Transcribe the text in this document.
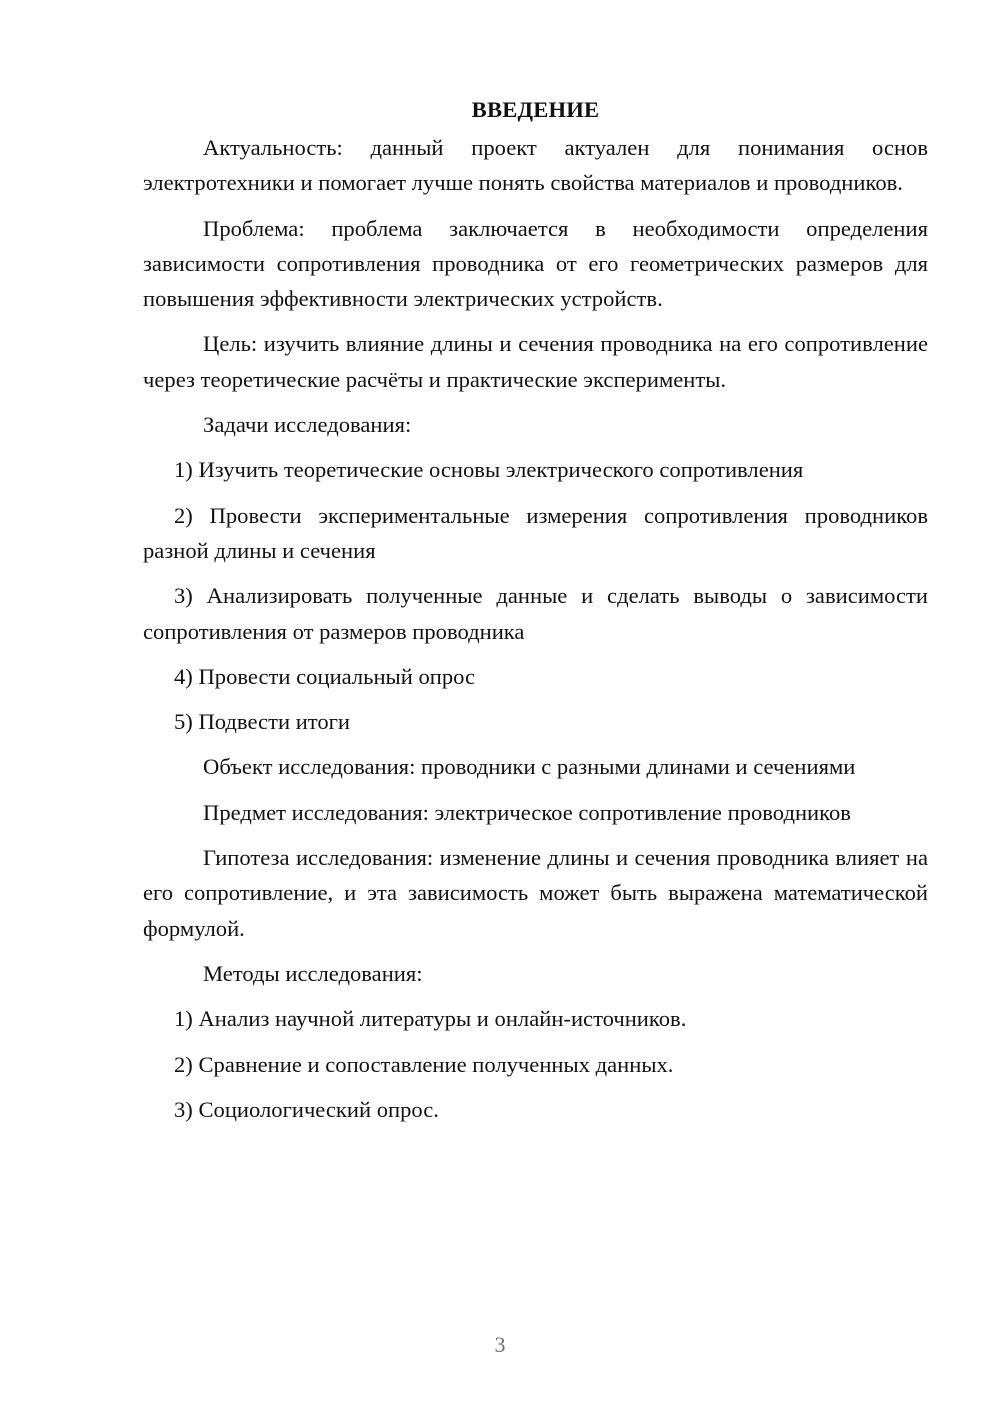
ВВЕДЕНИЕ

Актуальность: данный проект актуален для понимания основ электротехники и помогает лучше понять свойства материалов и проводников.

Проблема: проблема заключается в необходимости определения зависимости сопротивления проводника от его геометрических размеров для повышения эффективности электрических устройств.

Цель: изучить влияние длины и сечения проводника на его сопротивление через теоретические расчёты и практические эксперименты.

Задачи исследования:

1) Изучить теоретические основы электрического сопротивления

2) Провести экспериментальные измерения сопротивления проводников разной длины и сечения

3) Анализировать полученные данные и сделать выводы о зависимости сопротивления от размеров проводника

4) Провести социальный опрос

5) Подвести итоги

Объект исследования: проводники с разными длинами и сечениями

Предмет исследования: электрическое сопротивление проводников

Гипотеза исследования: изменение длины и сечения проводника влияет на его сопротивление, и эта зависимость может быть выражена математической формулой.

Методы исследования:

1) Анализ научной литературы и онлайн-источников.

2) Сравнение и сопоставление полученных данных.

3) Социологический опрос.

3
